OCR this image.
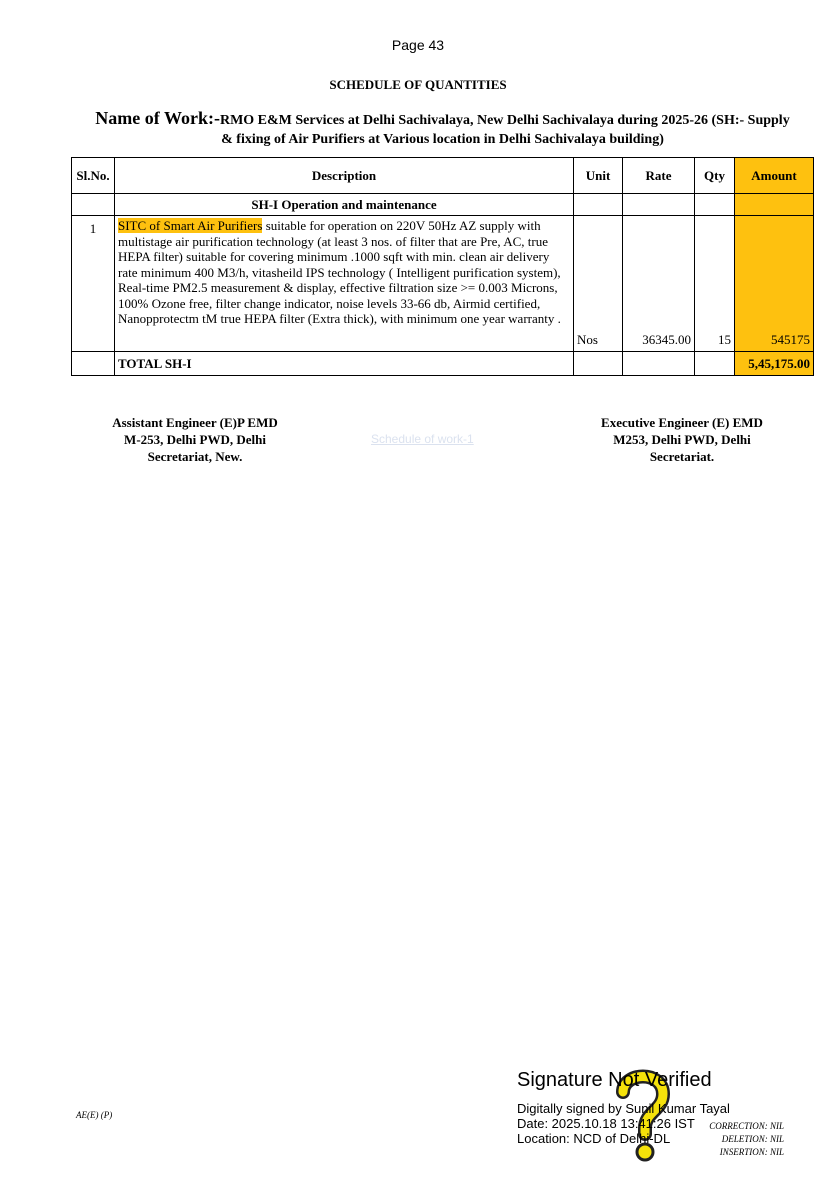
Page 43
SCHEDULE OF QUANTITIES
Name of Work:-RMO E&M Services at Delhi Sachivalaya, New Delhi Sachivalaya during 2025-26 (SH:- Supply
& fixing of Air Purifiers at Various location in Delhi Sachivalaya building)
Sl.No.	Description	Unit	Rate	Qty	Amount
	SH-I Operation and maintenance				
1	SITC of Smart Air Purifiers suitable for operation on 220V 50Hz AZ supply with multistage air purification technology (at least 3 nos. of filter that are Pre, AC, true HEPA filter) suitable for covering minimum .1000 sqft with min. clean air delivery rate minimum 400 M3/h, vitasheild IPS technology ( Intelligent purification system), Real-time PM2.5 measurement & display, effective filtration size >= 0.003 Microns, 100% Ozone free, filter change indicator, noise levels 33-66 db, Airmid certified, Nanopprotectm tM true HEPA filter (Extra thick), with minimum one year warranty .	Nos	36345.00	15	545175
	TOTAL SH-I				5,45,175.00
Assistant Engineer (E)P EMD
M-253, Delhi PWD, Delhi
Secretariat, New.
Schedule of work-1
Executive Engineer (E) EMD
M253, Delhi PWD, Delhi
Secretariat.
AE(E) (P)
Signature Not Verified
Digitally signed by Sunil Kumar Tayal
Date: 2025.10.18 13:41:26 IST
Location: NCD of Delhi-DL
CORRECTION: NIL
DELETION: NIL
INSERTION: NIL
